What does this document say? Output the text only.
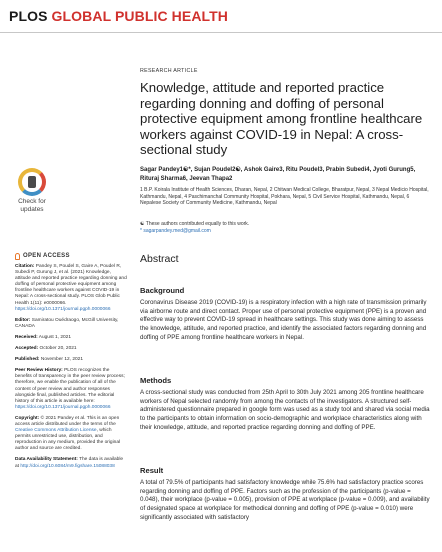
PLOS GLOBAL PUBLIC HEALTH
Check for
updates
OPEN ACCESS
Citation: Pandey S, Poudel S, Gaire A, Poudel R, Subedi P, Gurung J, et al. (2021) Knowledge, attitude and reported practice regarding donning and doffing of personal protective equipment among frontline healthcare workers against COVID-19 in Nepal: A cross-sectional study. PLOS Glob Public Health 1(11): e0000066. https://doi.org/10.1371/journal.pgph.0000066
Editor: Samiratou Ouédraogo, McGill University, CANADA
Received: August 1, 2021
Accepted: October 20, 2021
Published: November 12, 2021
Peer Review History: PLOS recognizes the benefits of transparency in the peer review process; therefore, we enable the publication of all of the content of peer review and author responses alongside final, published articles. The editorial history of this article is available here: https://doi.org/10.1371/journal.pgph.0000066
Copyright: © 2021 Pandey et al. This is an open access article distributed under the terms of the Creative Commons Attribution License, which permits unrestricted use, distribution, and reproduction in any medium, provided the original author and source are credited.
Data Availability Statement: The data is available at http://doi.org/10.6084/m9.figshare.15088038
RESEARCH ARTICLE
Knowledge, attitude and reported practice regarding donning and doffing of personal protective equipment among frontline healthcare workers against COVID-19 in Nepal: A cross-sectional study
Sagar Pandey1☯*, Sujan Poudel2☯, Ashok Gaire3, Ritu Poudel3, Prabin Subedi4, Jyoti Gurung5, Rituraj Sharma6, Jeevan Thapa2
1 B.P. Koirala Institute of Health Sciences, Dharan, Nepal, 2 Chitwan Medical College, Bharatpur, Nepal, 3 Nepal Medicio Hospital, Kathmandu, Nepal, 4 Paschimanchal Community Hospital, Pokhara, Nepal, 5 Civil Service Hospital, Kathmandu, Nepal, 6 Nepalese Society of Community Medicine, Kathmandu, Nepal
☯ These authors contributed equally to this work.
* sagarpandey.med@gmail.com
Abstract
Background
Coronavirus Disease 2019 (COVID-19) is a respiratory infection with a high rate of transmission primarily via airborne route and direct contact. Proper use of personal protective equipment (PPE) is a proven and effective way to prevent COVID-19 spread in healthcare settings. This study was done aiming to assess the knowledge, attitude, and reported practice, and identify the associated factors regarding donning and doffing of PPE among frontline healthcare workers in Nepal.
Methods
A cross-sectional study was conducted from 25th April to 30th July 2021 among 205 frontline healthcare workers of Nepal selected randomly from among the contacts of the investigators. A structured self-administered questionnaire prepared in google form was used as a study tool and shared via social media to the participants to obtain information on socio-demographic and workplace characteristics along with their knowledge, attitude, and reported practice regarding donning and doffing of PPE.
Result
A total of 79.5% of participants had satisfactory knowledge while 75.6% had satisfactory practice scores regarding donning and doffing of PPE. Factors such as the profession of the participants (p-value = 0.048), their workplace (p-value = 0.005), provision of PPE at workplace (p-value = 0.009), and availability of designated space at workplace for methodical donning and doffing of PPE (p-value = 0.010) were significantly associated with satisfactory
